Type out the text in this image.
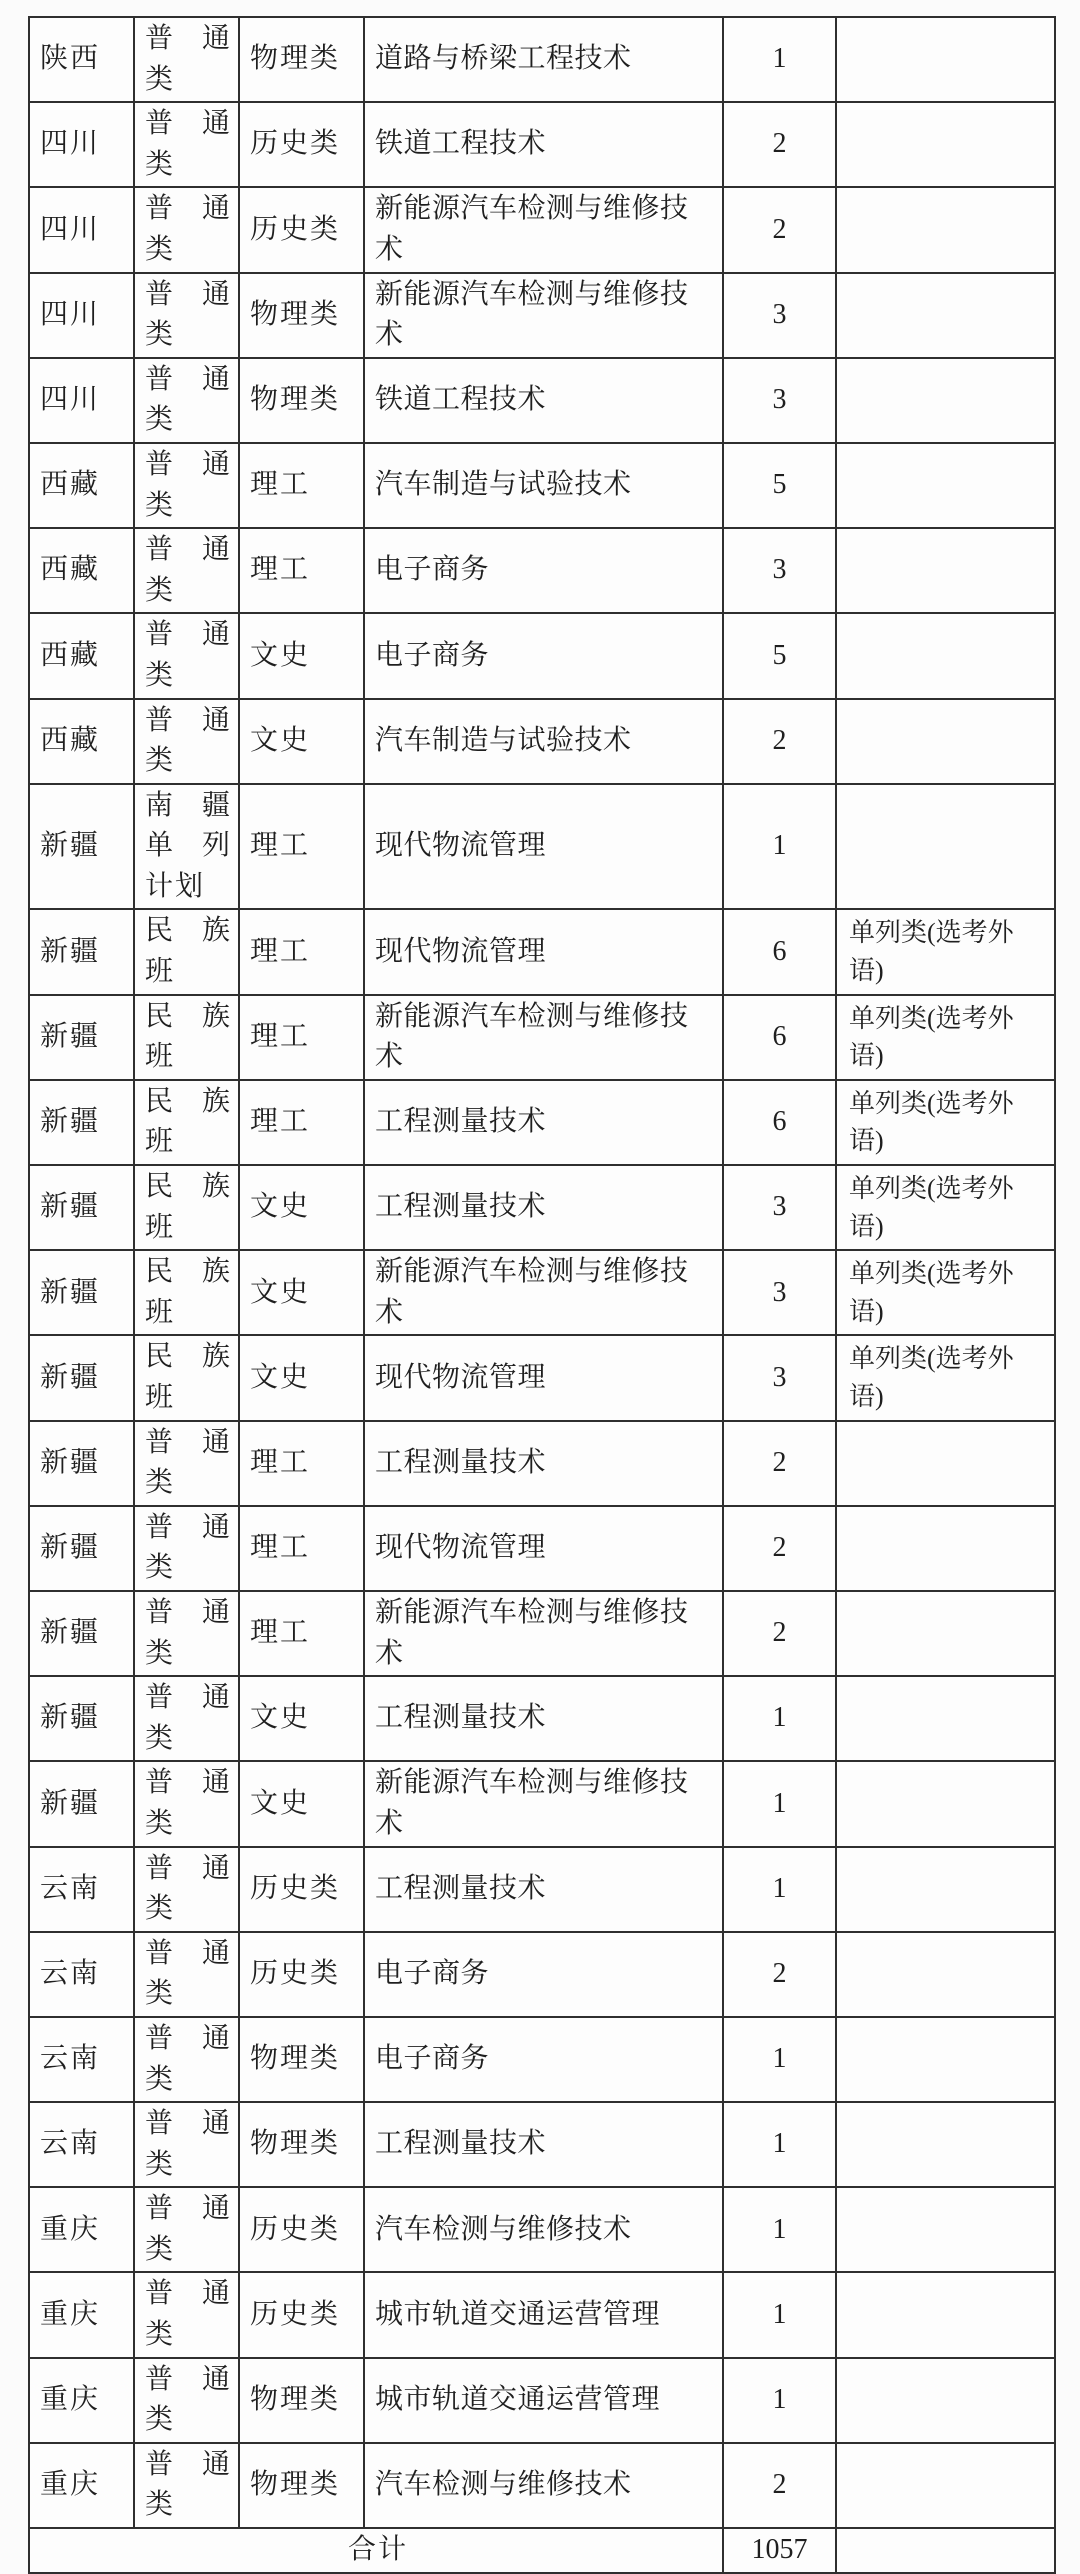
陕西	普通类	物理类	道路与桥梁工程技术	1	
四川	普通类	历史类	铁道工程技术	2	
四川	普通类	历史类	新能源汽车检测与维修技术	2	
四川	普通类	物理类	新能源汽车检测与维修技术	3	
四川	普通类	物理类	铁道工程技术	3	
西藏	普通类	理工	汽车制造与试验技术	5	
西藏	普通类	理工	电子商务	3	
西藏	普通类	文史	电子商务	5	
西藏	普通类	文史	汽车制造与试验技术	2	
新疆	南疆单列计划	理工	现代物流管理	1	
新疆	民族班	理工	现代物流管理	6	单列类(选考外语)
新疆	民族班	理工	新能源汽车检测与维修技术	6	单列类(选考外语)
新疆	民族班	理工	工程测量技术	6	单列类(选考外语)
新疆	民族班	文史	工程测量技术	3	单列类(选考外语)
新疆	民族班	文史	新能源汽车检测与维修技术	3	单列类(选考外语)
新疆	民族班	文史	现代物流管理	3	单列类(选考外语)
新疆	普通类	理工	工程测量技术	2	
新疆	普通类	理工	现代物流管理	2	
新疆	普通类	理工	新能源汽车检测与维修技术	2	
新疆	普通类	文史	工程测量技术	1	
新疆	普通类	文史	新能源汽车检测与维修技术	1	
云南	普通类	历史类	工程测量技术	1	
云南	普通类	历史类	电子商务	2	
云南	普通类	物理类	电子商务	1	
云南	普通类	物理类	工程测量技术	1	
重庆	普通类	历史类	汽车检测与维修技术	1	
重庆	普通类	历史类	城市轨道交通运营管理	1	
重庆	普通类	物理类	城市轨道交通运营管理	1	
重庆	普通类	物理类	汽车检测与维修技术	2	
合计				1057	
